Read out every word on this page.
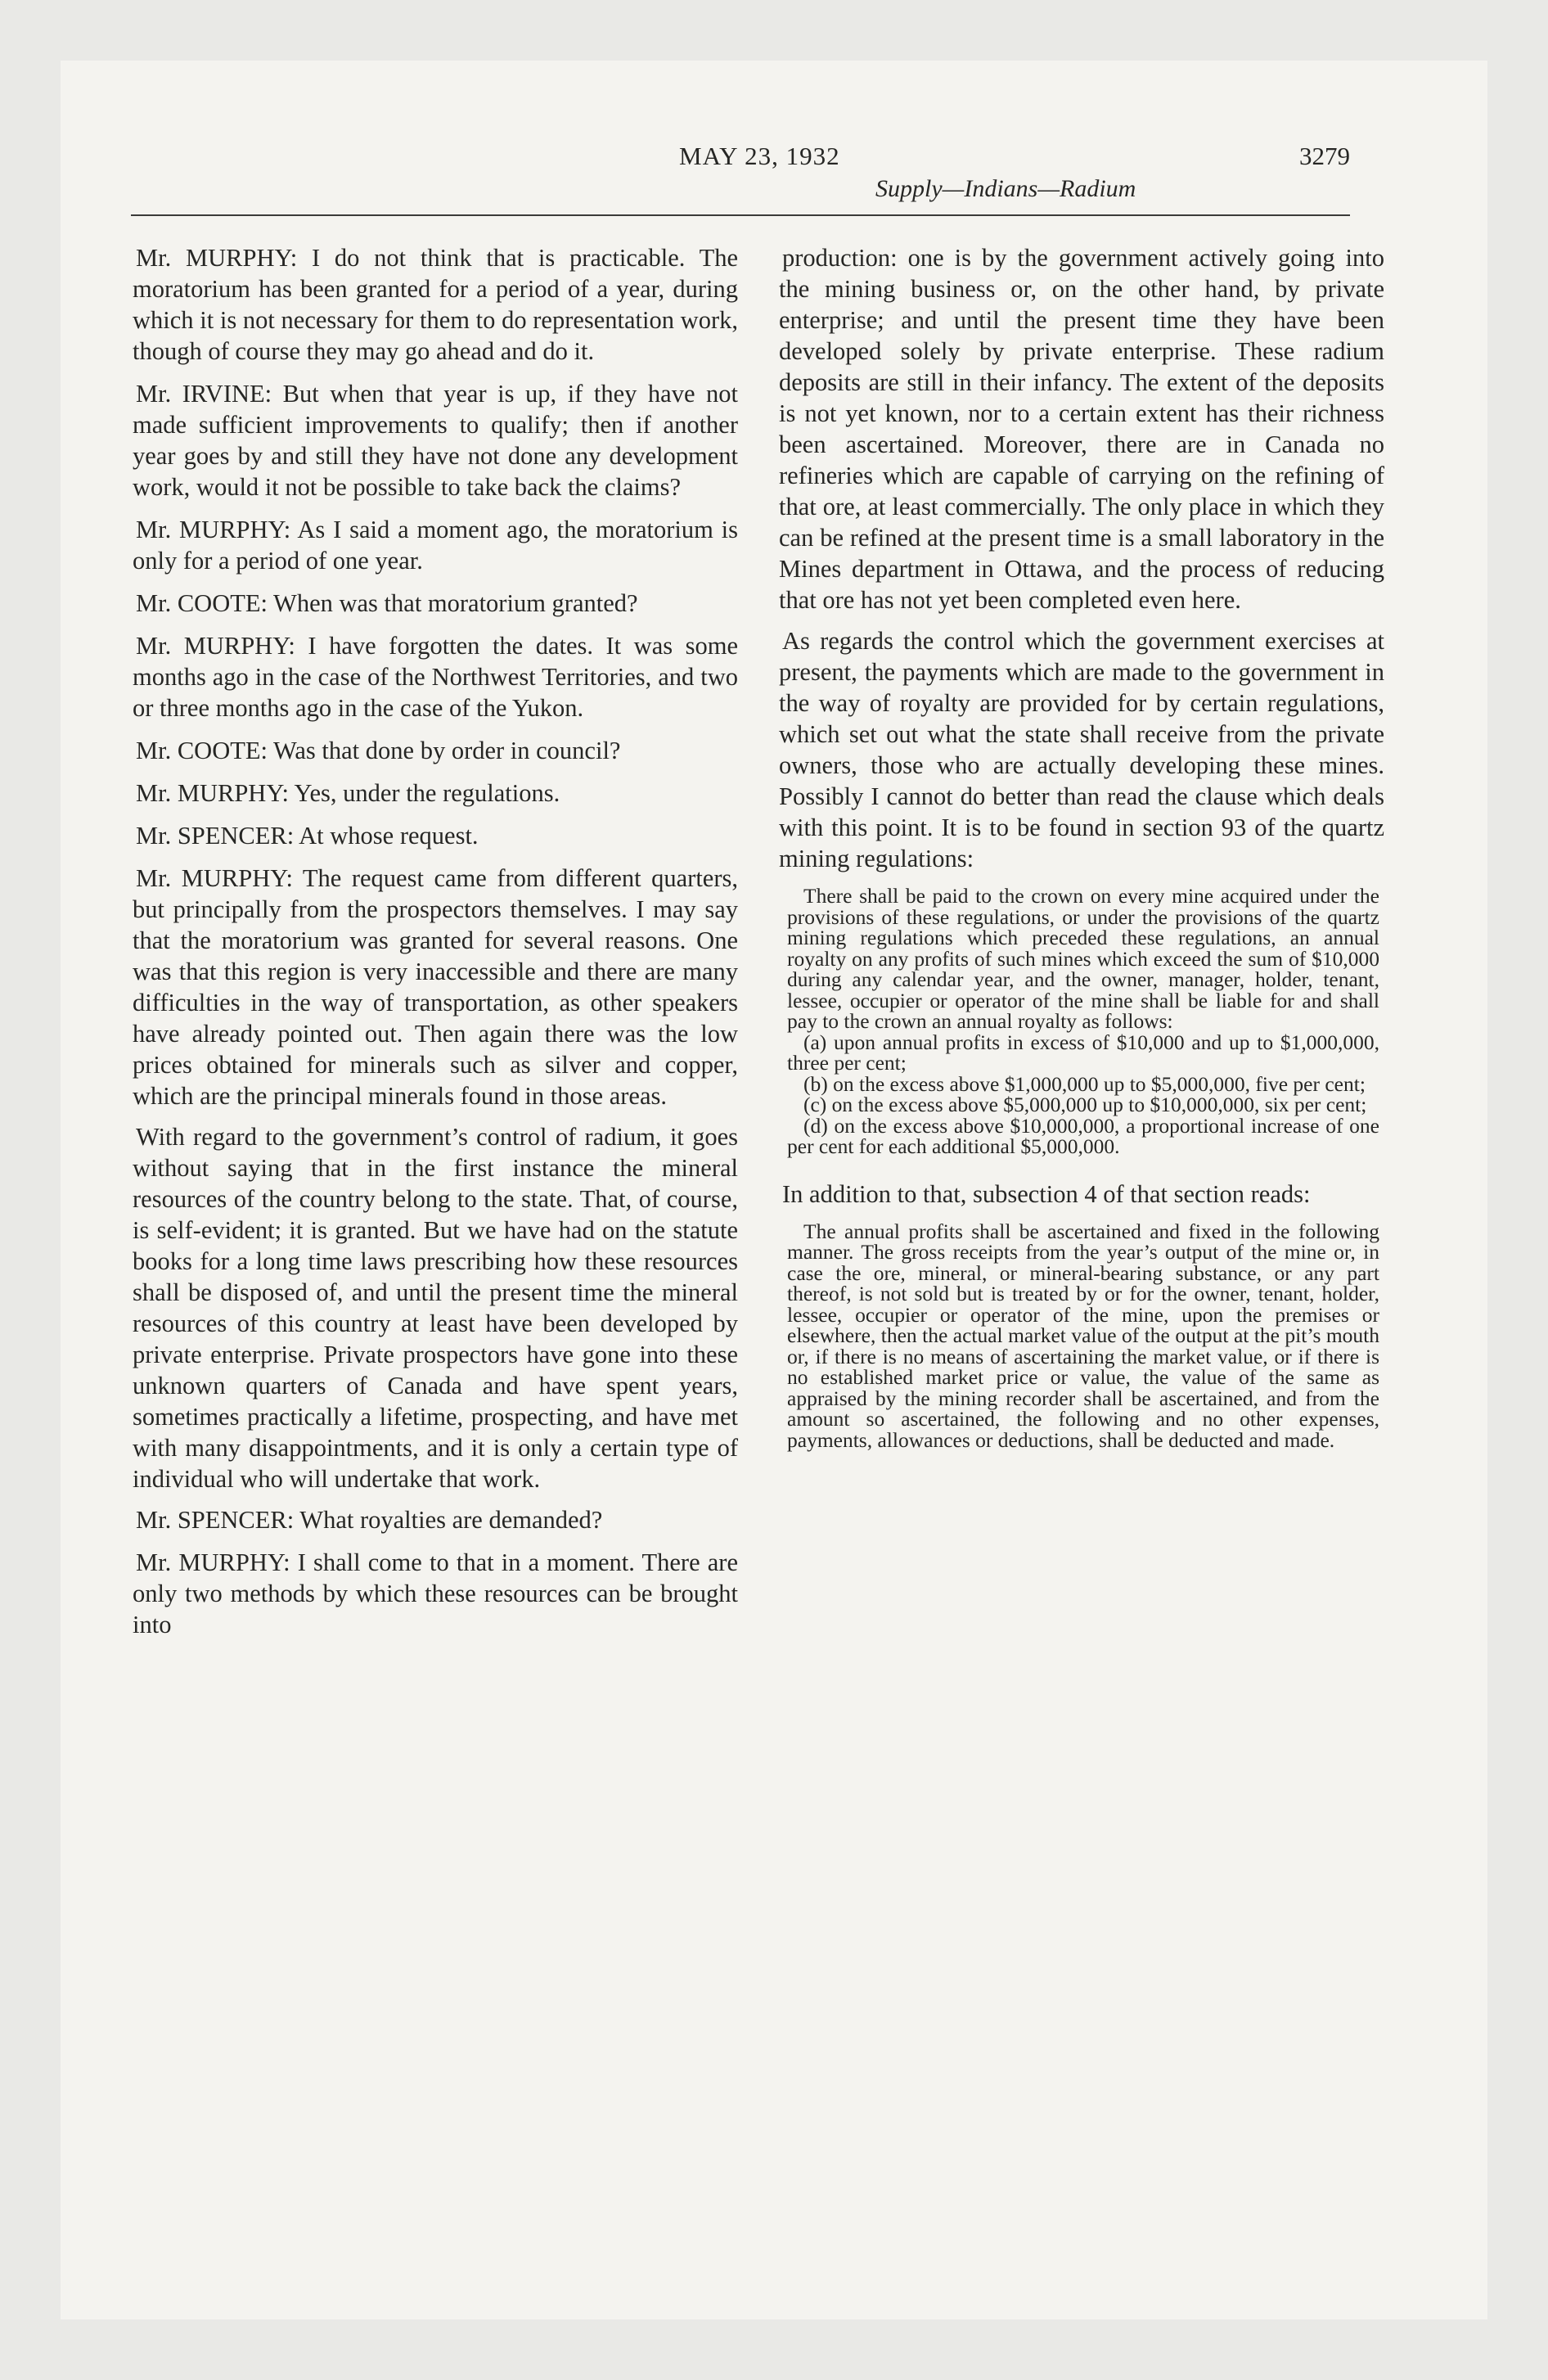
MAY 23, 1932
Supply—Indians—Radium
3279

Mr. MURPHY: I do not think that is practicable. The moratorium has been granted for a period of a year, during which it is not necessary for them to do representation work, though of course they may go ahead and do it.

Mr. IRVINE: But when that year is up, if they have not made sufficient improvements to qualify; then if another year goes by and still they have not done any development work, would it not be possible to take back the claims?

Mr. MURPHY: As I said a moment ago, the moratorium is only for a period of one year.

Mr. COOTE: When was that moratorium granted?

Mr. MURPHY: I have forgotten the dates. It was some months ago in the case of the Northwest Territories, and two or three months ago in the case of the Yukon.

Mr. COOTE: Was that done by order in council?

Mr. MURPHY: Yes, under the regulations.

Mr. SPENCER: At whose request.

Mr. MURPHY: The request came from different quarters, but principally from the prospectors themselves. I may say that the moratorium was granted for several reasons. One was that this region is very inaccessible and there are many difficulties in the way of transportation, as other speakers have already pointed out. Then again there was the low prices obtained for minerals such as silver and copper, which are the principal minerals found in those areas.

With regard to the government’s control of radium, it goes without saying that in the first instance the mineral resources of the country belong to the state. That, of course, is self-evident; it is granted. But we have had on the statute books for a long time laws prescribing how these resources shall be disposed of, and until the present time the mineral resources of this country at least have been developed by private enterprise. Private prospectors have gone into these unknown quarters of Canada and have spent years, sometimes practically a lifetime, prospecting, and have met with many disappointments, and it is only a certain type of individual who will undertake that work.

Mr. SPENCER: What royalties are demanded?

Mr. MURPHY: I shall come to that in a moment. There are only two methods by which these resources can be brought into

production: one is by the government actively going into the mining business or, on the other hand, by private enterprise; and until the present time they have been developed solely by private enterprise. These radium deposits are still in their infancy. The extent of the deposits is not yet known, nor to a certain extent has their richness been ascertained. Moreover, there are in Canada no refineries which are capable of carrying on the refining of that ore, at least commercially. The only place in which they can be refined at the present time is a small laboratory in the Mines department in Ottawa, and the process of reducing that ore has not yet been completed even here.

As regards the control which the government exercises at present, the payments which are made to the government in the way of royalty are provided for by certain regulations, which set out what the state shall receive from the private owners, those who are actually developing these mines. Possibly I cannot do better than read the clause which deals with this point. It is to be found in section 93 of the quartz mining regulations:

There shall be paid to the crown on every mine acquired under the provisions of these regulations, or under the provisions of the quartz mining regulations which preceded these regulations, an annual royalty on any profits of such mines which exceed the sum of $10,000 during any calendar year, and the owner, manager, holder, tenant, lessee, occupier or operator of the mine shall be liable for and shall pay to the crown an annual royalty as follows:

(a) upon annual profits in excess of $10,000 and up to $1,000,000, three per cent;

(b) on the excess above $1,000,000 up to $5,000,000, five per cent;

(c) on the excess above $5,000,000 up to $10,000,000, six per cent;

(d) on the excess above $10,000,000, a proportional increase of one per cent for each additional $5,000,000.

In addition to that, subsection 4 of that section reads:

The annual profits shall be ascertained and fixed in the following manner. The gross receipts from the year’s output of the mine or, in case the ore, mineral, or mineral-bearing substance, or any part thereof, is not sold but is treated by or for the owner, tenant, holder, lessee, occupier or operator of the mine, upon the premises or elsewhere, then the actual market value of the output at the pit’s mouth or, if there is no means of ascertaining the market value, or if there is no established market price or value, the value of the same as appraised by the mining recorder shall be ascertained, and from the amount so ascertained, the following and no other expenses, payments, allowances or deductions, shall be deducted and made.
